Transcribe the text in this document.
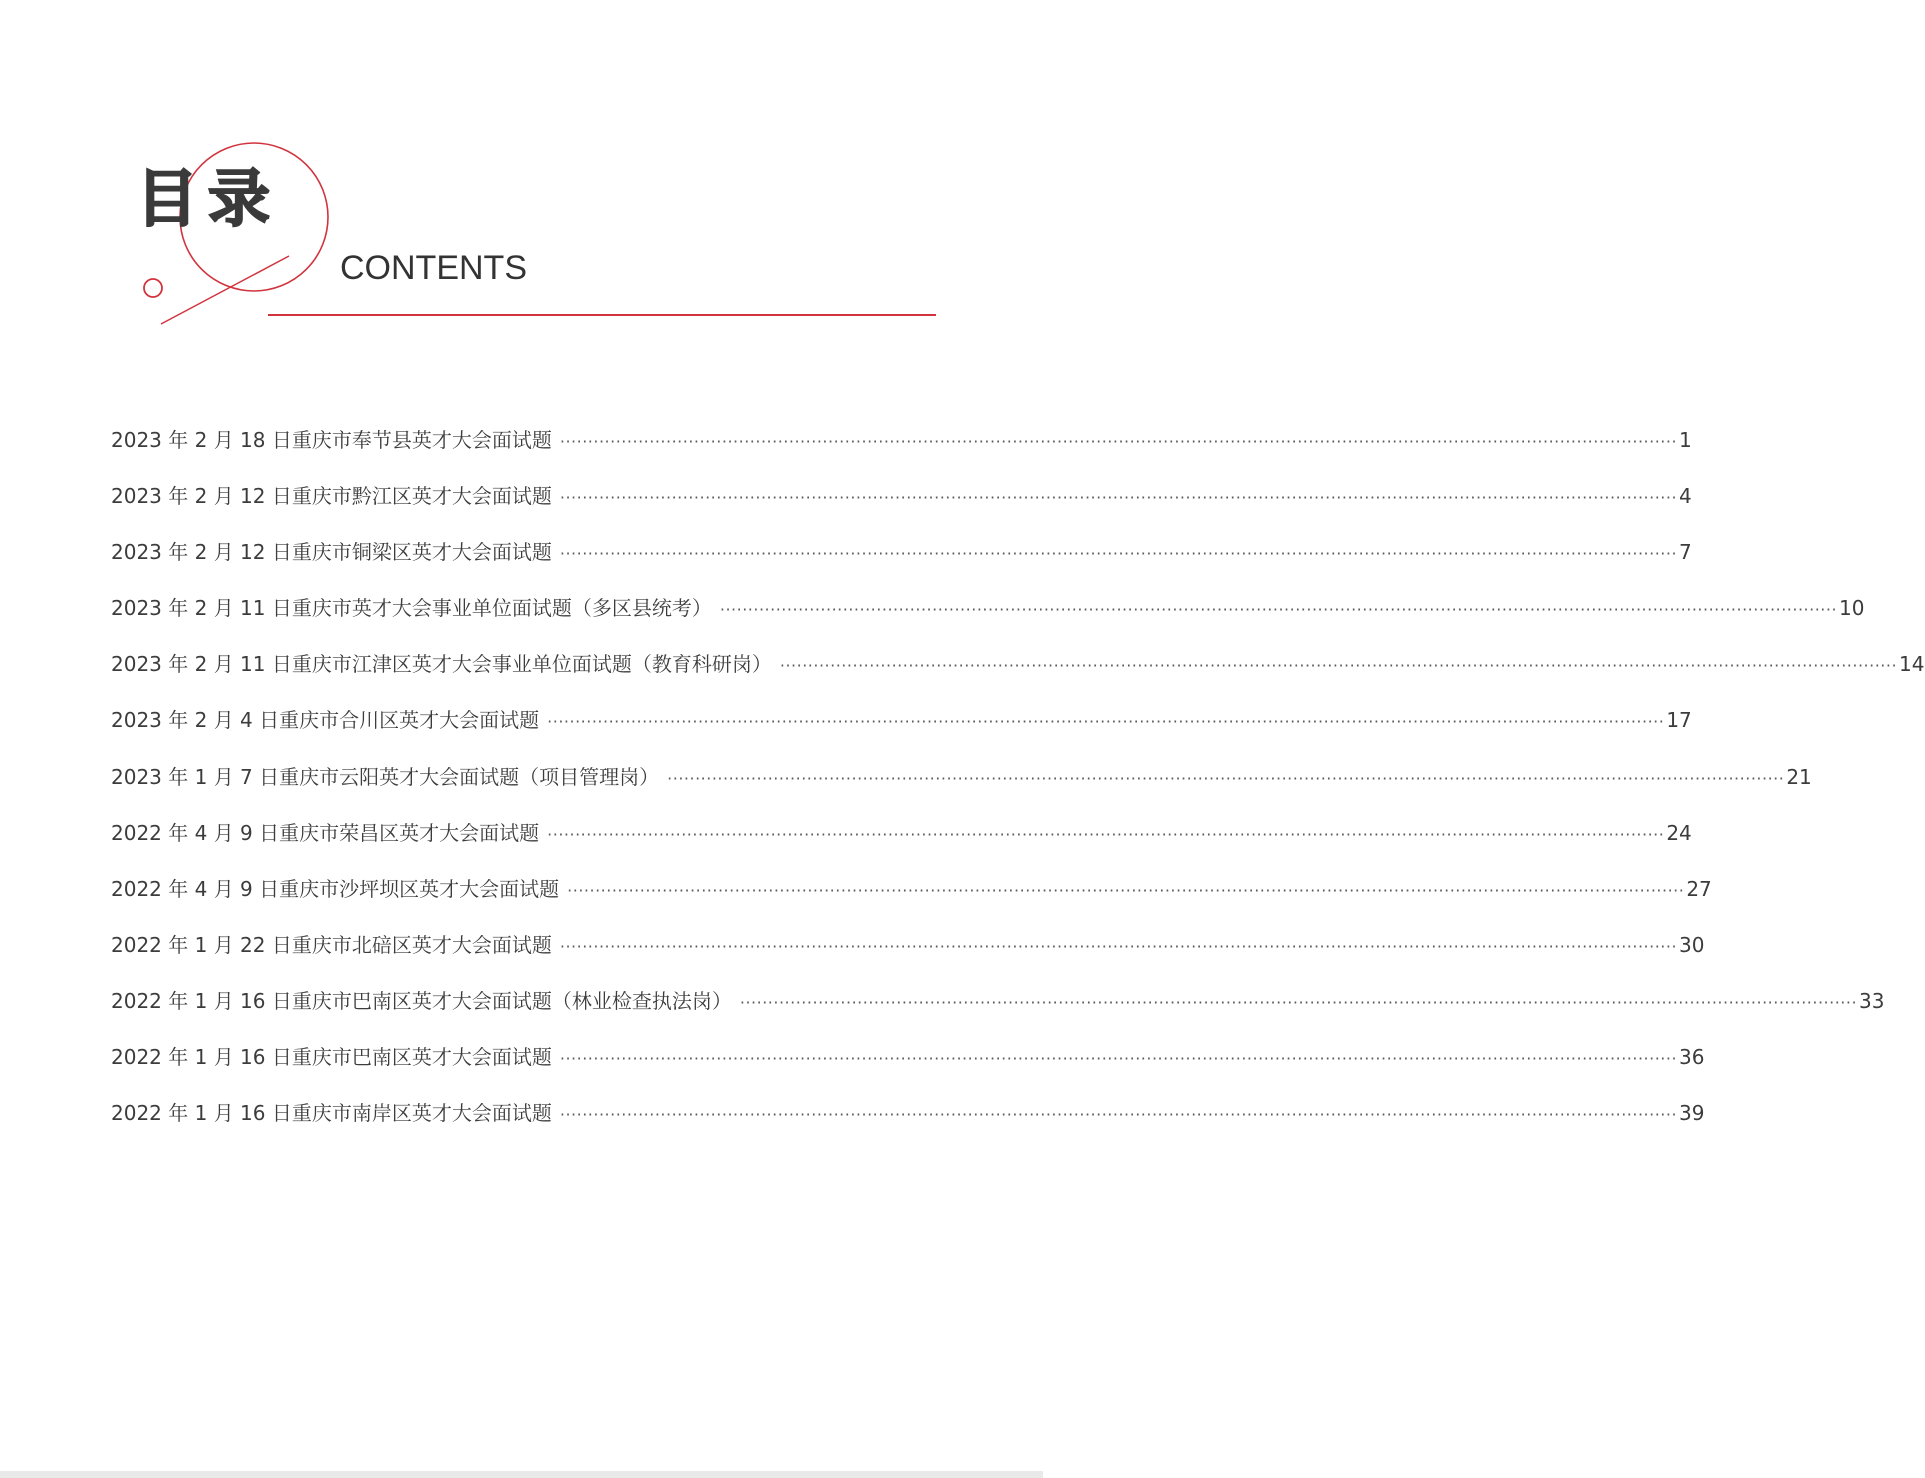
目录
CONTENTS
2023 年 2 月 18 日重庆市奉节县英才大会面试题 ········································································································································································································ 1
2023 年 2 月 12 日重庆市黔江区英才大会面试题 ········································································································································································································ 4
2023 年 2 月 12 日重庆市铜梁区英才大会面试题 ········································································································································································································ 7
2023 年 2 月 11 日重庆市英才大会事业单位面试题（多区县统考） ········································································································································································································ 10
2023 年 2 月 11 日重庆市江津区英才大会事业单位面试题（教育科研岗） ········································································································································································································ 14
2023 年 2 月 4 日重庆市合川区英才大会面试题 ········································································································································································································ 17
2023 年 1 月 7 日重庆市云阳英才大会面试题（项目管理岗） ········································································································································································································ 21
2022 年 4 月 9 日重庆市荣昌区英才大会面试题 ········································································································································································································ 24
2022 年 4 月 9 日重庆市沙坪坝区英才大会面试题 ········································································································································································································ 27
2022 年 1 月 22 日重庆市北碚区英才大会面试题 ········································································································································································································ 30
2022 年 1 月 16 日重庆市巴南区英才大会面试题（林业检查执法岗） ········································································································································································································ 33
2022 年 1 月 16 日重庆市巴南区英才大会面试题 ········································································································································································································ 36
2022 年 1 月 16 日重庆市南岸区英才大会面试题 ········································································································································································································ 39
